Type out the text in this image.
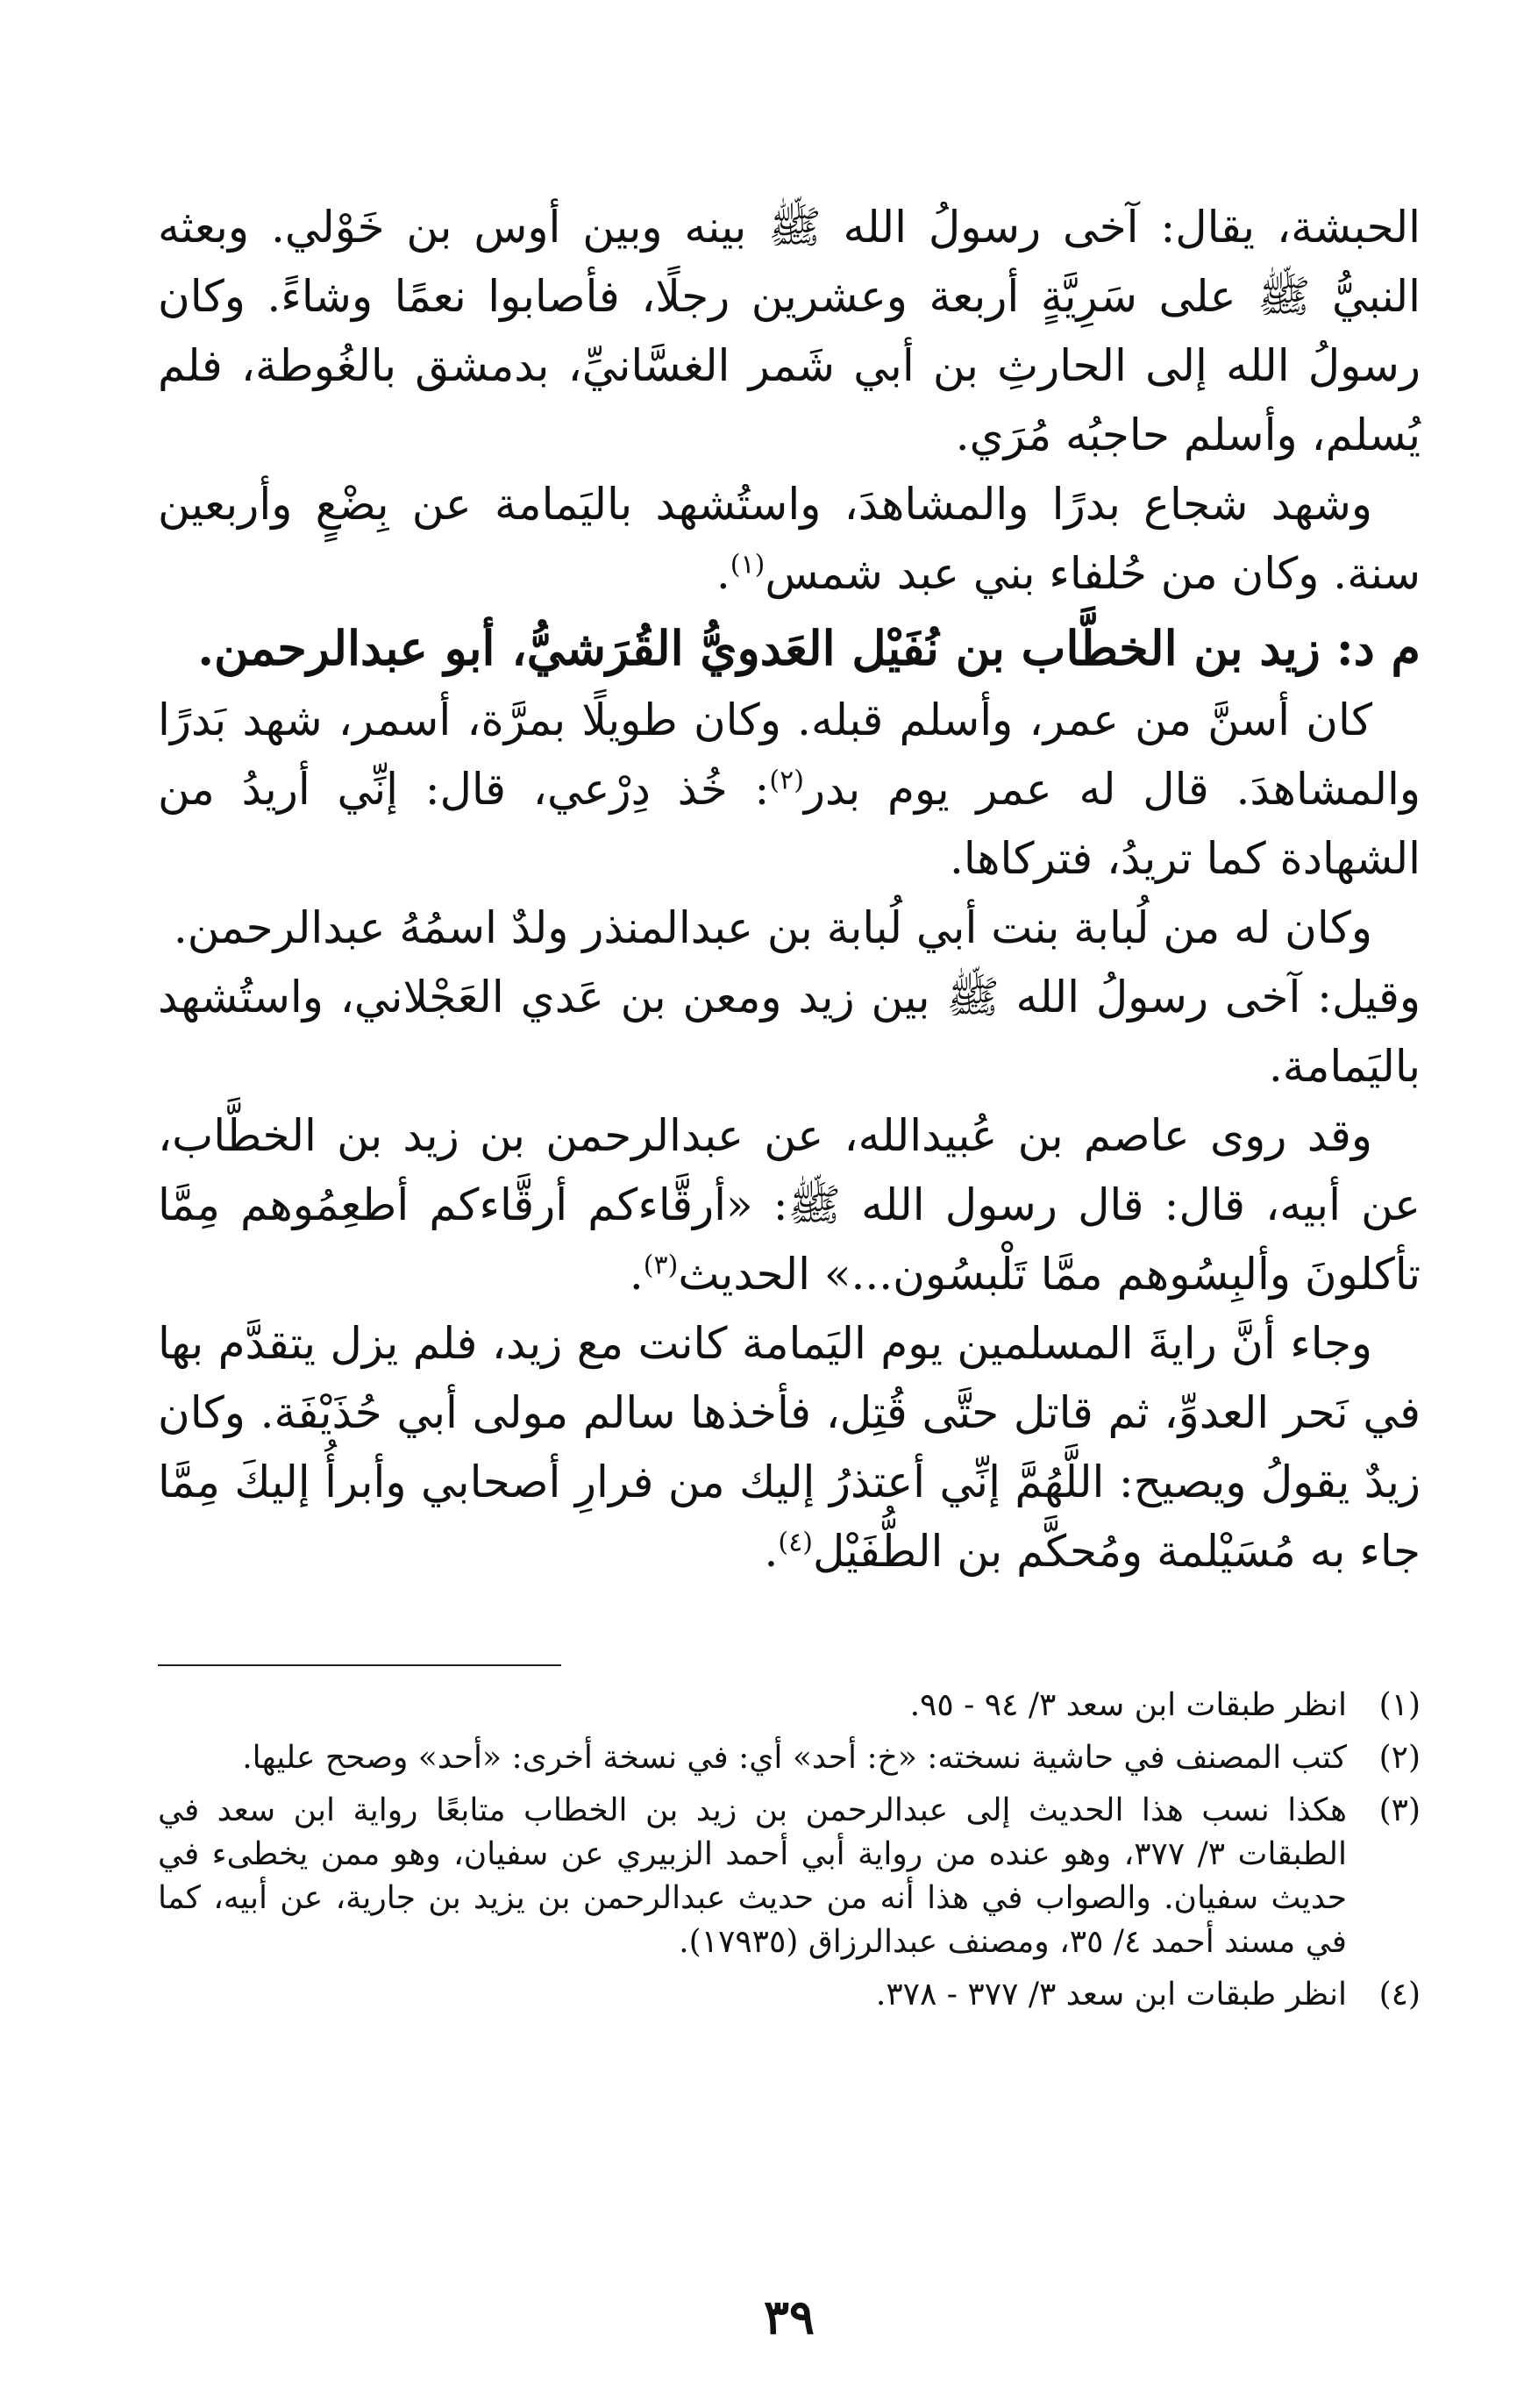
الحبشة، يقال: آخى رسولُ الله ﷺ بينه وبين أوس بن خَوْلي. وبعثه النبيُّ ﷺ على سَرِيَّةٍ أربعة وعشرين رجلًا، فأصابوا نعمًا وشاءً. وكان رسولُ الله إلى الحارثِ بن أبي شَمر الغسَّانيِّ، بدمشق بالغُوطة، فلم يُسلم، وأسلم حاجبُه مُرَي.

وشهد شجاع بدرًا والمشاهدَ، واستُشهد باليَمامة عن بِضْعٍ وأربعين سنة. وكان من حُلفاء بني عبد شمس$^{(١)}$.

م د:زيد بن الخطَّاب بن نُفَيْل العَدويُّ القُرَشيُّ، أبو عبدالرحمن.

كان أسنَّ من عمر، وأسلم قبله. وكان طويلًا بمرَّة، أسمر، شهد بَدرًا والمشاهدَ. قال له عمر يوم بدر$^{(٢)}$: خُذ دِرْعي، قال: إنِّي أريدُ من الشهادة كما تريدُ، فتركاها.

وكان له من لُبابة بنت أبي لُبابة بن عبدالمنذر ولدٌ اسمُهُ عبدالرحمن.

وقيل: آخى رسولُ الله ﷺ بين زيد ومعن بن عَدي العَجْلاني، واستُشهد باليَمامة.

وقد روى عاصم بن عُبيدالله، عن عبدالرحمن بن زيد بن الخطَّاب، عن أبيه، قال: قال رسول الله ﷺ: «أرقَّاءكم أرقَّاءكم أطعِمُوهم مِمَّا تأكلونَ وألبِسُوهم ممَّا تَلْبسُون...» الحديث$^{(٣)}$.

وجاء أنَّ رايةَ المسلمين يوم اليَمامة كانت مع زيد، فلم يزل يتقدَّم بها في نَحر العدوِّ، ثم قاتل حتَّى قُتِل، فأخذها سالم مولى أبي حُذَيْفَة. وكان زيدٌ يقولُ ويصيح: اللَّهُمَّ إنِّي أعتذرُ إليك من فرارِ أصحابي وأبرأُ إليكَ مِمَّا جاء به مُسَيْلمة ومُحكَّم بن الطُّفَيْل$^{(٤)}$.

(١)
انظر طبقات ابن سعد ٣/ ٩٤ - ٩٥.
(٢)
كتب المصنف في حاشية نسخته: «خ: أحد» أي: في نسخة أخرى: «أحد» وصحح عليها.
(٣)
هكذا نسب هذا الحديث إلى عبدالرحمن بن زيد بن الخطاب متابعًا رواية ابن سعد في الطبقات ٣/ ٣٧٧، وهو عنده من رواية أبي أحمد الزبيري عن سفيان، وهو ممن يخطىء في حديث سفيان. والصواب في هذا أنه من حديث عبدالرحمن بن يزيد بن جارية، عن أبيه، كما في مسند أحمد ٤/ ٣٥، ومصنف عبدالرزاق (١٧٩٣٥).
(٤)
انظر طبقات ابن سعد ٣/ ٣٧٧ - ٣٧٨.
٣٩
